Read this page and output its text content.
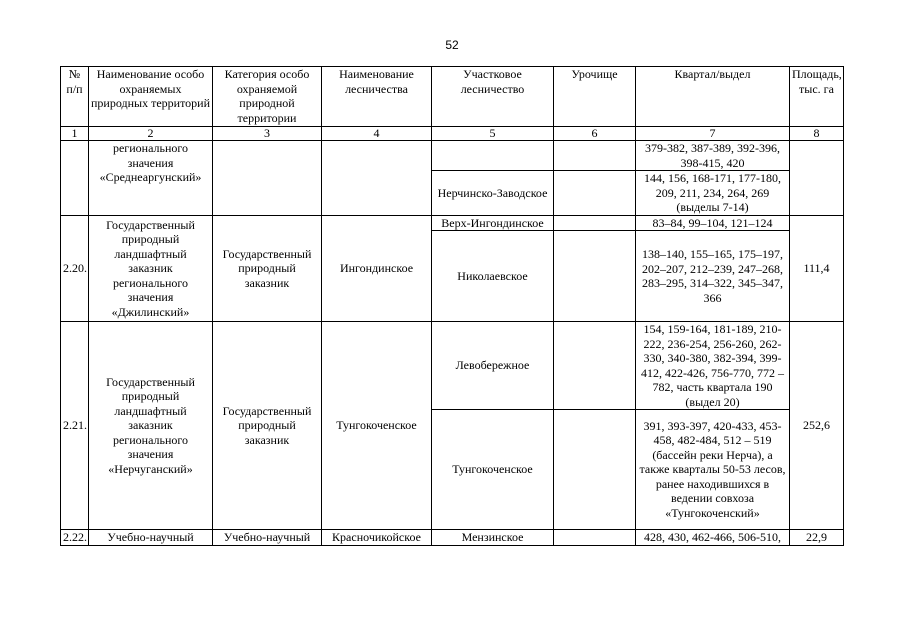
52
№ п/п	Наименование особо охраняемых природных территорий	Категория особо охраняемой природной территории	Наименование лесничества	Участковое лесничество	Урочище	Квартал/выдел	Площадь, тыс. га
1	2	3	4	5	6	7	8
	регионального значения «Среднеаргунский»					379-382, 387-389, 392-396, 398-415, 420	
				Нерчинско-Заводское		144, 156, 168-171, 177-180, 209, 211, 234, 264, 269 (выделы 7-14)	
2.20.	Государственный природный ландшафтный заказник регионального значения «Джилинский»	Государственный природный заказник	Ингондинское	Верх-Ингондинское		83–84, 99–104, 121–124	111,4
				Николаевское		138–140, 155–165, 175–197, 202–207, 212–239, 247–268, 283–295, 314–322, 345–347, 366	
2.21.	Государственный природный ландшафтный заказник регионального значения «Нерчуганский»	Государственный природный заказник	Тунгокоченское	Левобережное		154, 159-164, 181-189, 210-222, 236-254, 256-260, 262-330, 340-380, 382-394, 399-412, 422-426, 756-770, 772 – 782, часть квартала 190 (выдел 20)	252,6
				Тунгокоченское		391, 393-397, 420-433, 453-458, 482-484, 512 – 519 (бассейн реки Нерча), а также кварталы 50-53 лесов, ранее находившихся в ведении совхоза «Тунгокоченский»	
2.22.	Учебно-научный	Учебно-научный	Красночикойское	Мензинское		428, 430, 462-466, 506-510,	22,9
